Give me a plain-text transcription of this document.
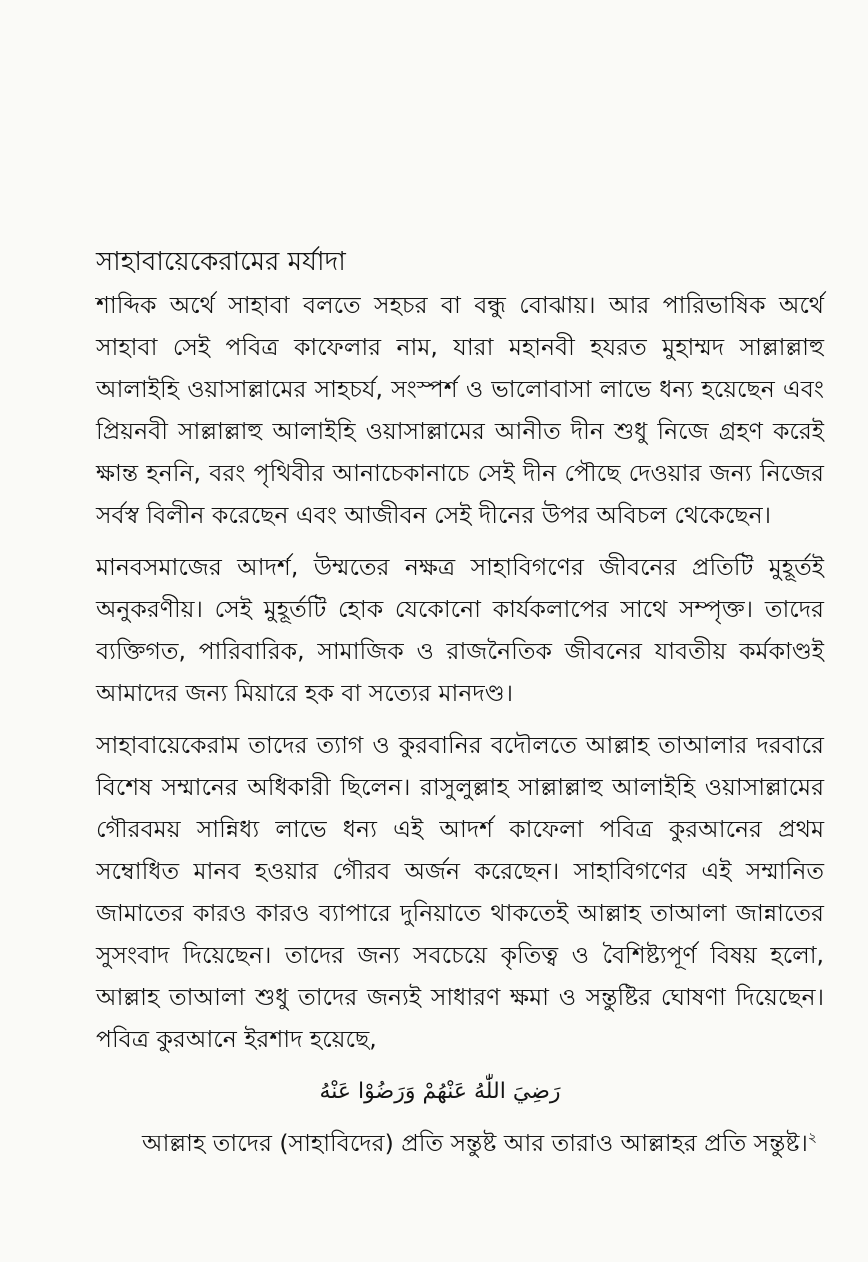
সাহাবায়েকেরামের মর্যাদা

শাব্দিক অর্থে সাহাবা বলতে সহচর বা বন্ধু বোঝায়। আর পারিভাষিক অর্থে সাহাবা সেই পবিত্র কাফেলার নাম, যারা মহানবী হযরত মুহাম্মদ সাল্লাল্লাহু আলাইহি ওয়াসাল্লামের সাহচর্য, সংস্পর্শ ও ভালোবাসা লাভে ধন্য হয়েছেন এবং প্রিয়নবী সাল্লাল্লাহু আলাইহি ওয়াসাল্লামের আনীত দীন শুধু নিজে গ্রহণ করেই ক্ষান্ত হননি, বরং পৃথিবীর আনাচেকানাচে সেই দীন পৌছে দেওয়ার জন্য নিজের সর্বস্ব বিলীন করেছেন এবং আজীবন সেই দীনের উপর অবিচল থেকেছেন।

মানবসমাজের আদর্শ, উম্মতের নক্ষত্র সাহাবিগণের জীবনের প্রতিটি মুহূর্তই অনুকরণীয়। সেই মুহূর্তটি হোক যেকোনো কার্যকলাপের সাথে সম্পৃক্ত। তাদের ব্যক্তিগত, পারিবারিক, সামাজিক ও রাজনৈতিক জীবনের যাবতীয় কর্মকাণ্ডই আমাদের জন্য মিয়ারে হক বা সত্যের মানদণ্ড।

সাহাবায়েকেরাম তাদের ত্যাগ ও কুরবানির বদৌলতে আল্লাহ তাআলার দরবারে বিশেষ সম্মানের অধিকারী ছিলেন। রাসুলুল্লাহ সাল্লাল্লাহু আলাইহি ওয়াসাল্লামের গৌরবময় সান্নিধ্য লাভে ধন্য এই আদর্শ কাফেলা পবিত্র কুরআনের প্রথম সম্বোধিত মানব হওয়ার গৌরব অর্জন করেছেন। সাহাবিগণের এই সম্মানিত জামাতের কারও কারও ব্যাপারে দুনিয়াতে থাকতেই আল্লাহ তাআলা জান্নাতের সুসংবাদ দিয়েছেন। তাদের জন্য সবচেয়ে কৃতিত্ব ও বৈশিষ্ট্যপূর্ণ বিষয় হলো, আল্লাহ তাআলা শুধু তাদের জন্যই সাধারণ ক্ষমা ও সন্তুষ্টির ঘোষণা দিয়েছেন। পবিত্র কুরআনে ইরশাদ হয়েছে,

رَضِيَ اللّٰهُ عَنْهُمْ وَرَضُوْا عَنْهُ

আল্লাহ তাদের (সাহাবিদের) প্রতি সন্তুষ্ট আর তারাও আল্লাহর প্রতি সন্তুষ্ট।$^২$
